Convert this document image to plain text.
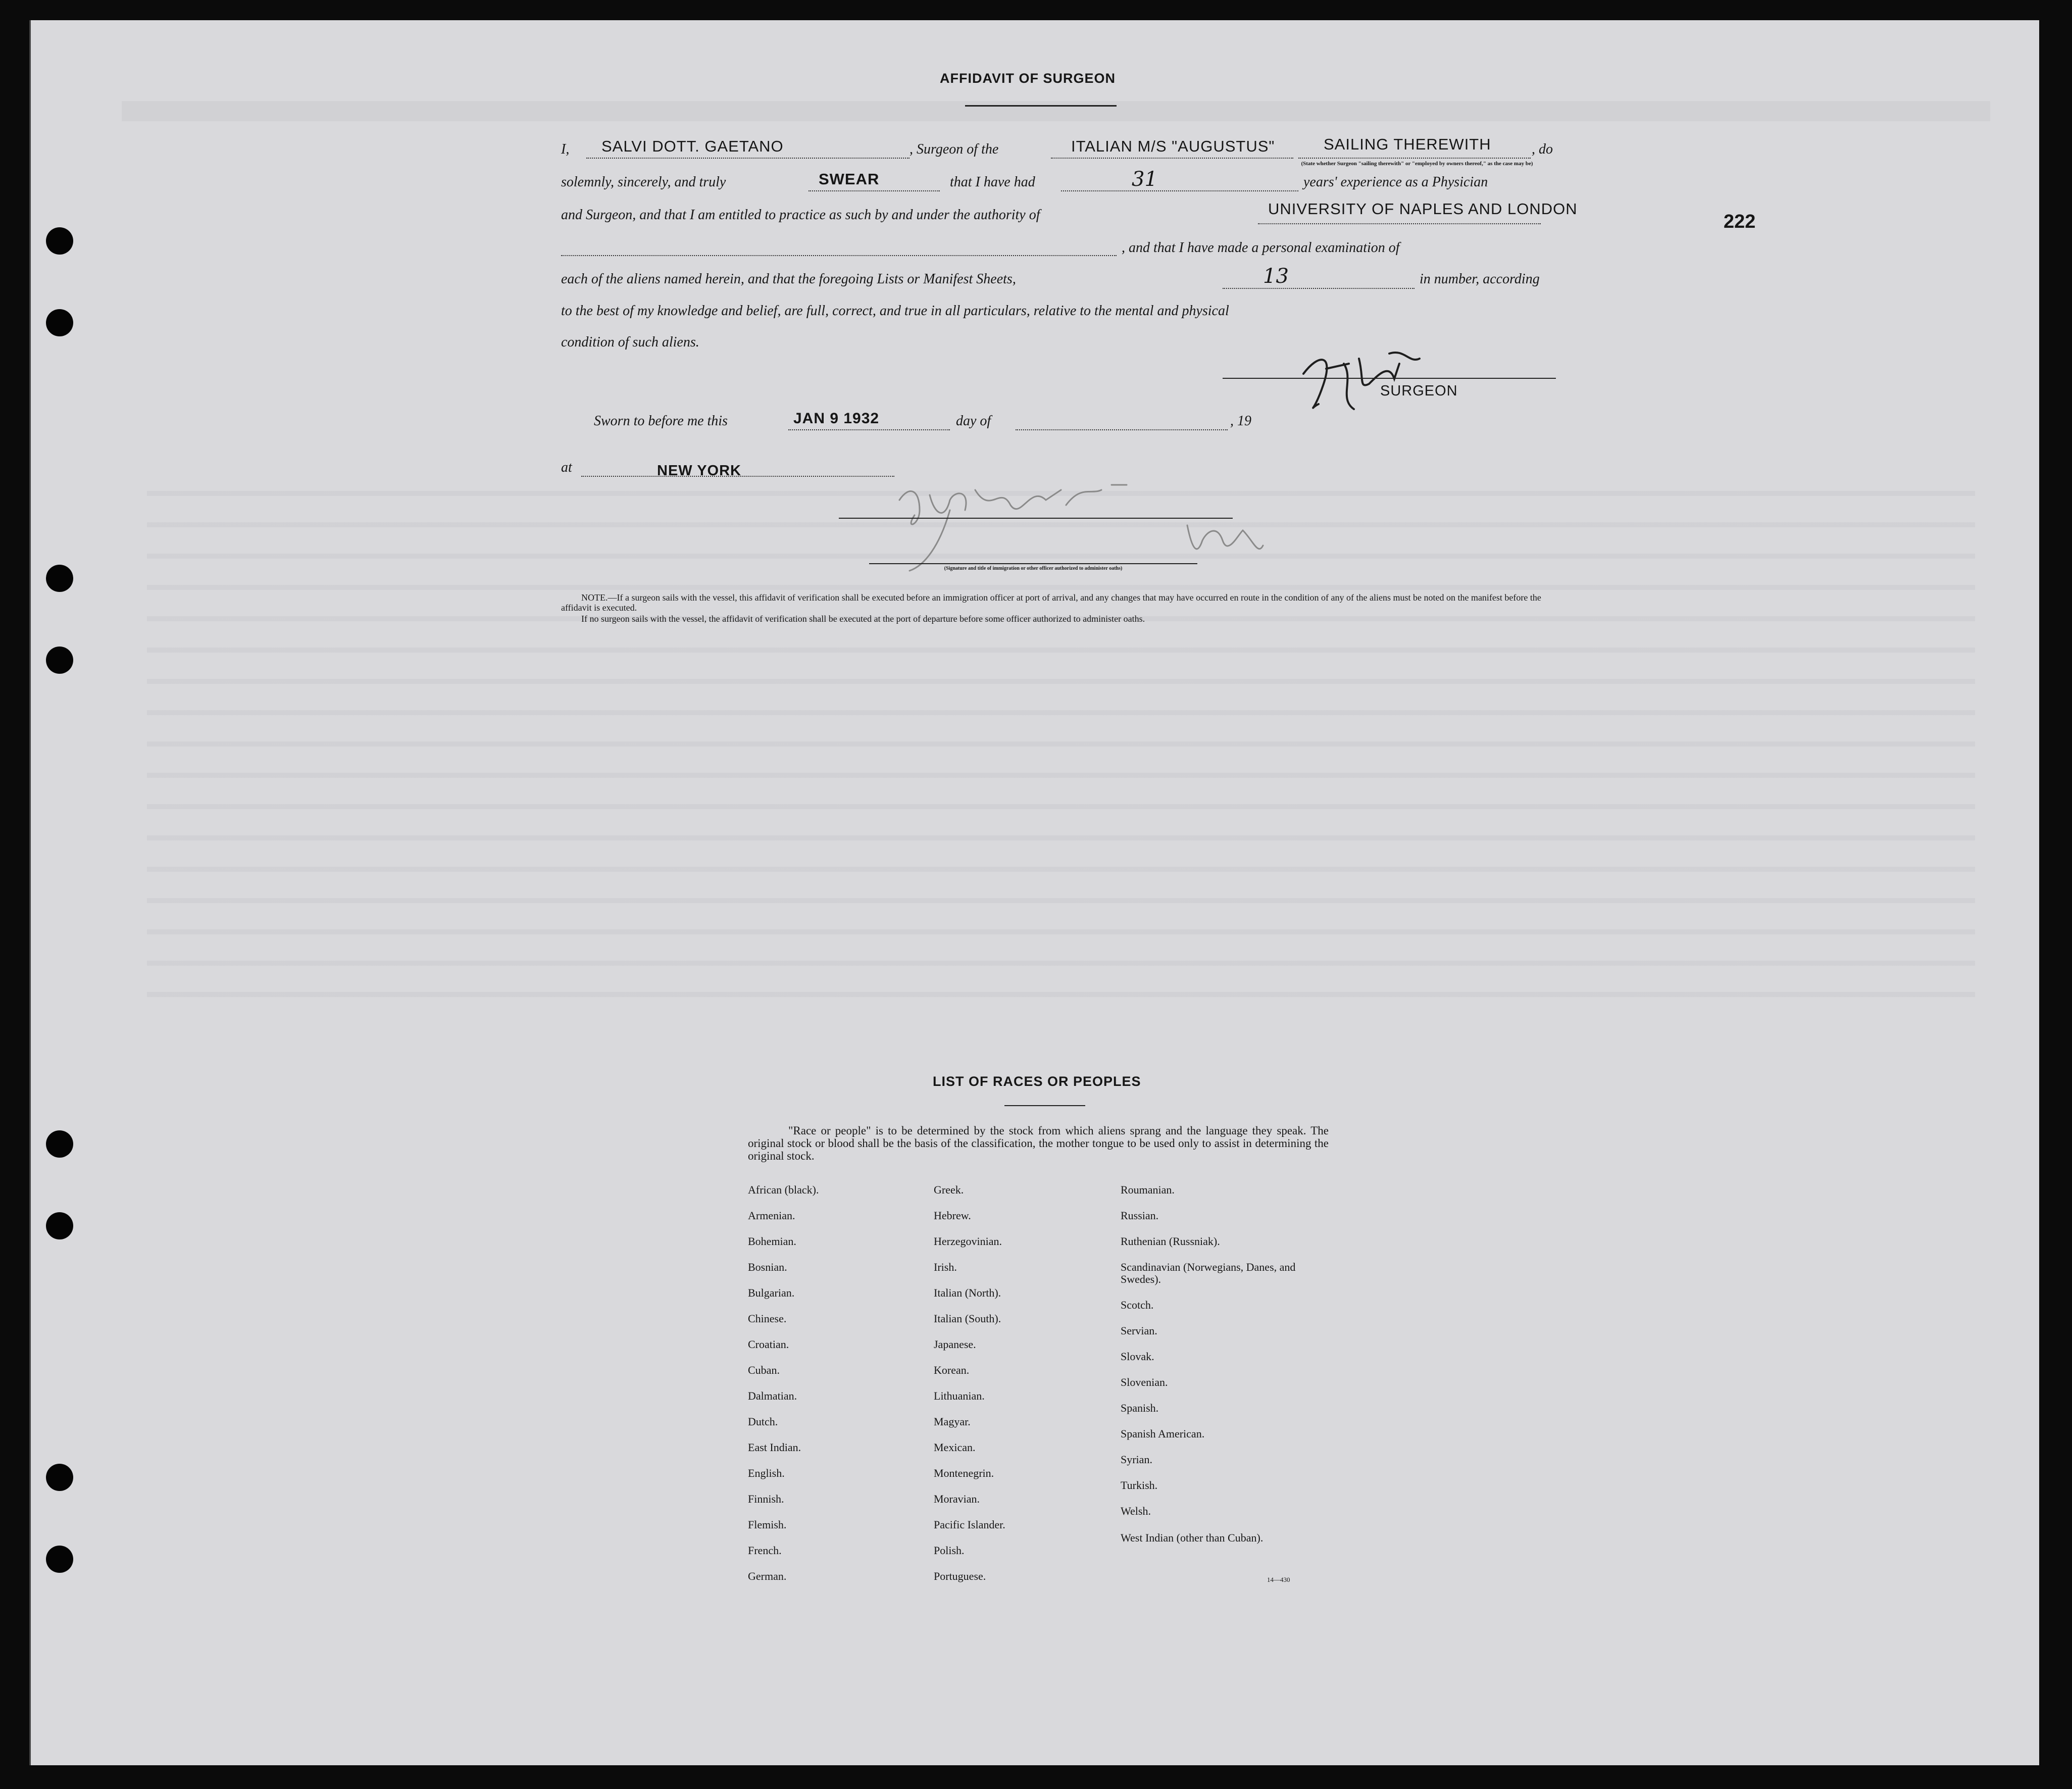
AFFIDAVIT OF SURGEON
I, SALVI DOTT. GAETANO	, Surgeon of the	ITALIAN M/S "AUGUSTUS"	SAILING THEREWITH	, do
(State whether Surgeon "sailing therewith" or "employed by owners thereof," as the case may be)
solemnly, sincerely, and truly	SWEAR	that I have had	31	years' experience as a Physician
and Surgeon, and that I am entitled to practice as such by and under the authority of	UNIVERSITY OF NAPLES AND LONDON
, and that I have made a personal examination of
each of the aliens named herein, and that the foregoing Lists or Manifest Sheets,	13	in number, according
to the best of my knowledge and belief, are full, correct, and true in all particulars, relative to the mental and physical
condition of such aliens.
SURGEON
Sworn to before me this	JAN 9 1932	day of	, 19
at	NEW YORK
(Signature and title of immigration or other officer authorized to administer oaths)
NOTE.—If a surgeon sails with the vessel, this affidavit of verification shall be executed before an immigration officer at port of arrival, and any changes that may have occurred en route in the condition of any of the aliens must be noted on the manifest before the affidavit is executed.
If no surgeon sails with the vessel, the affidavit of verification shall be executed at the port of departure before some officer authorized to administer oaths.
222
LIST OF RACES OR PEOPLES
"Race or people" is to be determined by the stock from which aliens sprang and the language they speak. The original stock or blood shall be the basis of the classification, the mother tongue to be used only to assist in determining the original stock.
African (black).
Armenian.
Bohemian.
Bosnian.
Bulgarian.
Chinese.
Croatian.
Cuban.
Dalmatian.
Dutch.
East Indian.
English.
Finnish.
Flemish.
French.
German.
Greek.
Hebrew.
Herzegovinian.
Irish.
Italian (North).
Italian (South).
Japanese.
Korean.
Lithuanian.
Magyar.
Mexican.
Montenegrin.
Moravian.
Pacific Islander.
Polish.
Portuguese.
Roumanian.
Russian.
Ruthenian (Russniak).
Scandinavian (Norwegians, Danes, and Swedes).
Scotch.
Servian.
Slovak.
Slovenian.
Spanish.
Spanish American.
Syrian.
Turkish.
Welsh.
West Indian (other than Cuban).
14—430
